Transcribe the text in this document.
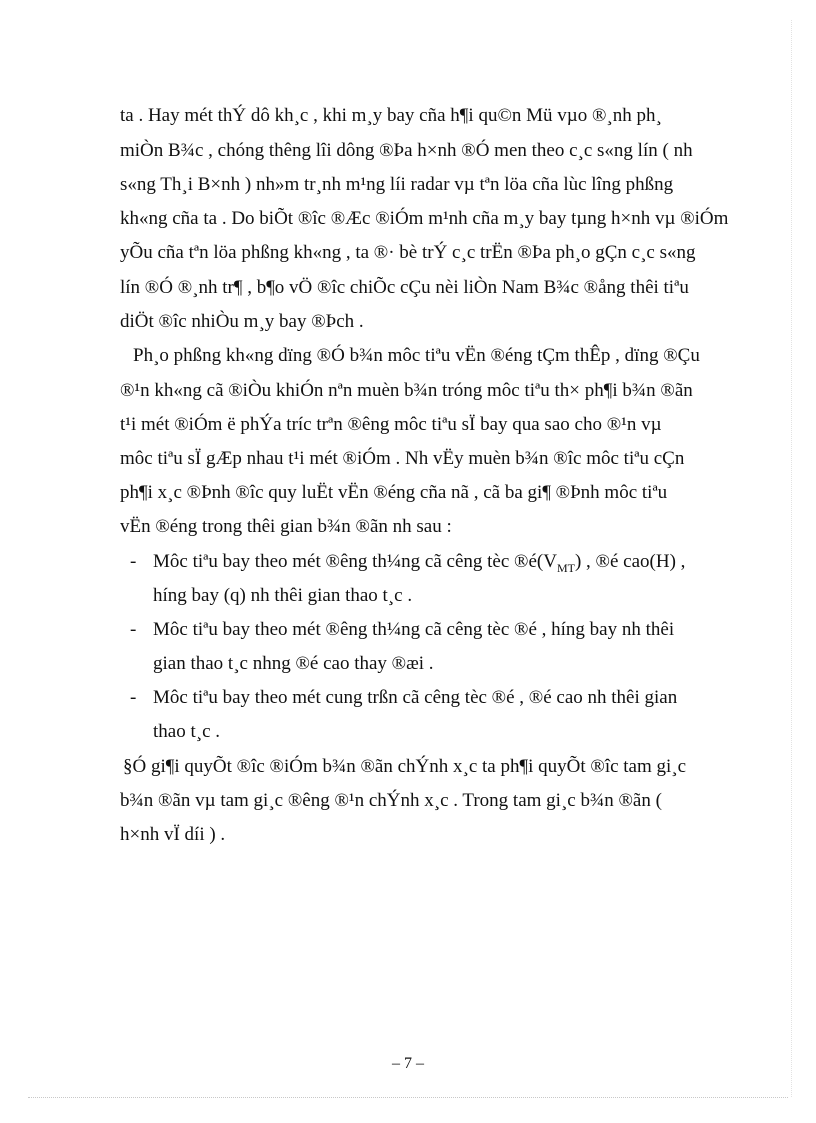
ta . Hay mét thÝ dô kh¸c , khi m¸y bay cña h¶i qu©n Mü vµo ®¸nh ph¸
miÒn B¾c , chóng thêng lîi dông ®Þa h×nh ®Ó men theo c¸c s«ng lín ( nh
s«ng Th¸i B×nh ) nh»m tr¸nh m¹ng líi radar vµ tªn löa cña lùc lîng phßng
kh«ng cña ta . Do biÕt ®îc ®Æc ®iÓm m¹nh cña m¸y bay tµng h×nh vµ ®iÓm
yÕu cña tªn löa phßng kh«ng , ta ®· bè trÝ c¸c trËn ®Þa ph¸o gÇn c¸c s«ng
lín ®Ó ®¸nh tr¶ , b¶o vÖ ®îc chiÕc cÇu nèi liÒn Nam B¾c ®ång thêi tiªu
diÖt ®îc nhiÒu m¸y bay ®Þch .
Ph¸o phßng kh«ng dïng ®Ó b¾n môc tiªu vËn ®éng tÇm thÊp , dïng ®Çu
®¹n kh«ng cã ®iÒu khiÓn nªn muèn b¾n tróng môc tiªu th× ph¶i b¾n ®ãn
t¹i mét ®iÓm ë phÝa tríc trªn ®êng môc tiªu sÏ bay qua sao cho ®¹n vµ
môc tiªu sÏ gÆp nhau t¹i mét ®iÓm . Nh vËy muèn b¾n ®îc môc tiªu cÇn
ph¶i x¸c ®Þnh ®îc quy luËt vËn ®éng cña nã , cã ba gi¶ ®Þnh môc tiªu
vËn ®éng trong thêi gian b¾n ®ãn nh sau :
- Môc tiªu bay theo mét ®êng th¼ng cã cêng tèc $®é(V_{MT})$ , ®é cao(H) ,
híng bay (q) nh thêi gian thao t¸c .
- Môc tiªu bay theo mét ®êng th¼ng cã cêng tèc ®é , híng bay nh thêi
gian thao t¸c nhng ®é cao thay ®æi .
- Môc tiªu bay theo mét cung trßn cã cêng tèc ®é , ®é cao nh thêi gian
thao t¸c .
§Ó gi¶i quyÕt ®îc ®iÓm b¾n ®ãn chÝnh x¸c ta ph¶i quyÕt ®îc tam gi¸c
b¾n ®ãn vµ tam gi¸c ®êng ®¹n chÝnh x¸c . Trong tam gi¸c b¾n ®ãn (
h×nh vÏ díi ) .
– 7 –
